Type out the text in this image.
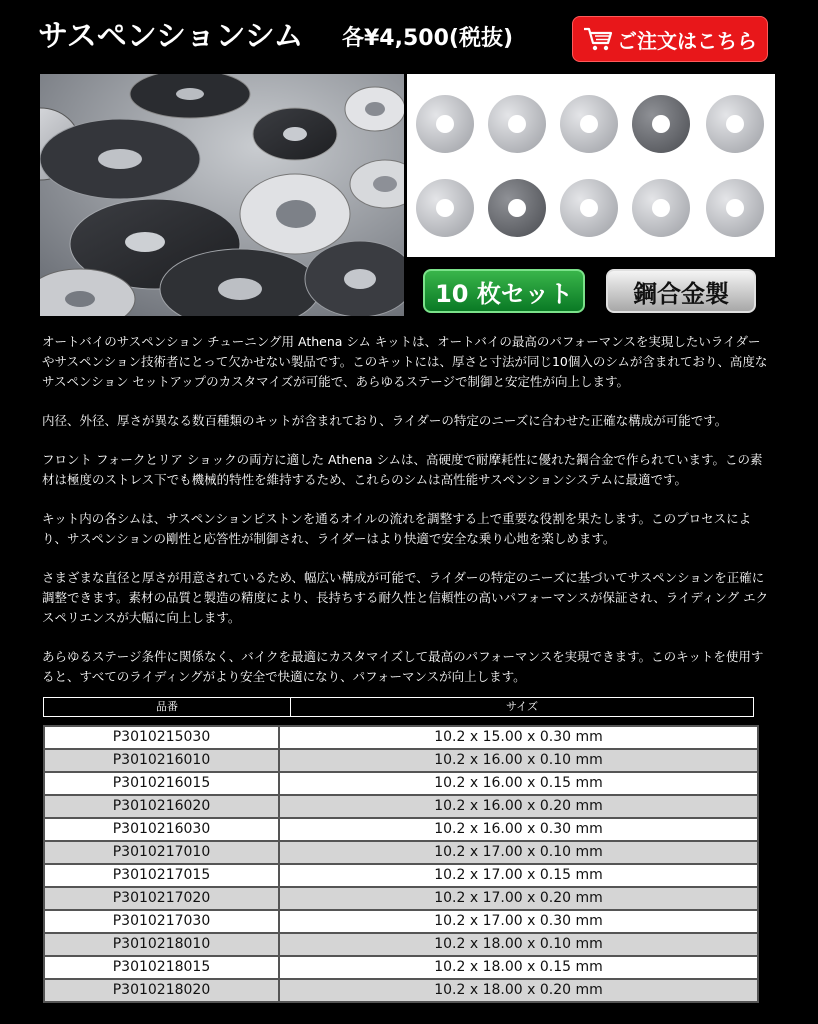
サスペンションシム 各¥4,500(税抜)	ご注文はこちら
10 枚セット	鋼合金製

オートバイのサスペンション チューニング用 Athena シム キットは、オートバイの最高のパフォーマンスを実現したいライダーやサスペンション技術者にとって欠かせない製品です。このキットには、厚さと寸法が同じ10個入のシムが含まれており、高度なサスペンション セットアップのカスタマイズが可能で、あらゆるステージで制御と安定性が向上します。

内径、外径、厚さが異なる数百種類のキットが含まれており、ライダーの特定のニーズに合わせた正確な構成が可能です。

フロント フォークとリア ショックの両方に適した Athena シムは、高硬度で耐摩耗性に優れた鋼合金で作られています。この素材は極度のストレス下でも機械的特性を維持するため、これらのシムは高性能サスペンションシステムに最適です。

キット内の各シムは、サスペンションピストンを通るオイルの流れを調整する上で重要な役割を果たします。このプロセスにより、サスペンションの剛性と応答性が制御され、ライダーはより快適で安全な乗り心地を楽しめます。

さまざまな直径と厚さが用意されているため、幅広い構成が可能で、ライダーの特定のニーズに基づいてサスペンションを正確に調整できます。素材の品質と製造の精度により、長持ちする耐久性と信頼性の高いパフォーマンスが保証され、ライディング エクスペリエンスが大幅に向上します。

あらゆるステージ条件に関係なく、バイクを最適にカスタマイズして最高のパフォーマンスを実現できます。このキットを使用すると、すべてのライディングがより安全で快適になり、パフォーマンスが向上します。

品番	サイズ
P3010215030	10.2 x 15.00 x 0.30 mm
P3010216010	10.2 x 16.00 x 0.10 mm
P3010216015	10.2 x 16.00 x 0.15 mm
P3010216020	10.2 x 16.00 x 0.20 mm
P3010216030	10.2 x 16.00 x 0.30 mm
P3010217010	10.2 x 17.00 x 0.10 mm
P3010217015	10.2 x 17.00 x 0.15 mm
P3010217020	10.2 x 17.00 x 0.20 mm
P3010217030	10.2 x 17.00 x 0.30 mm
P3010218010	10.2 x 18.00 x 0.10 mm
P3010218015	10.2 x 18.00 x 0.15 mm
P3010218020	10.2 x 18.00 x 0.20 mm
